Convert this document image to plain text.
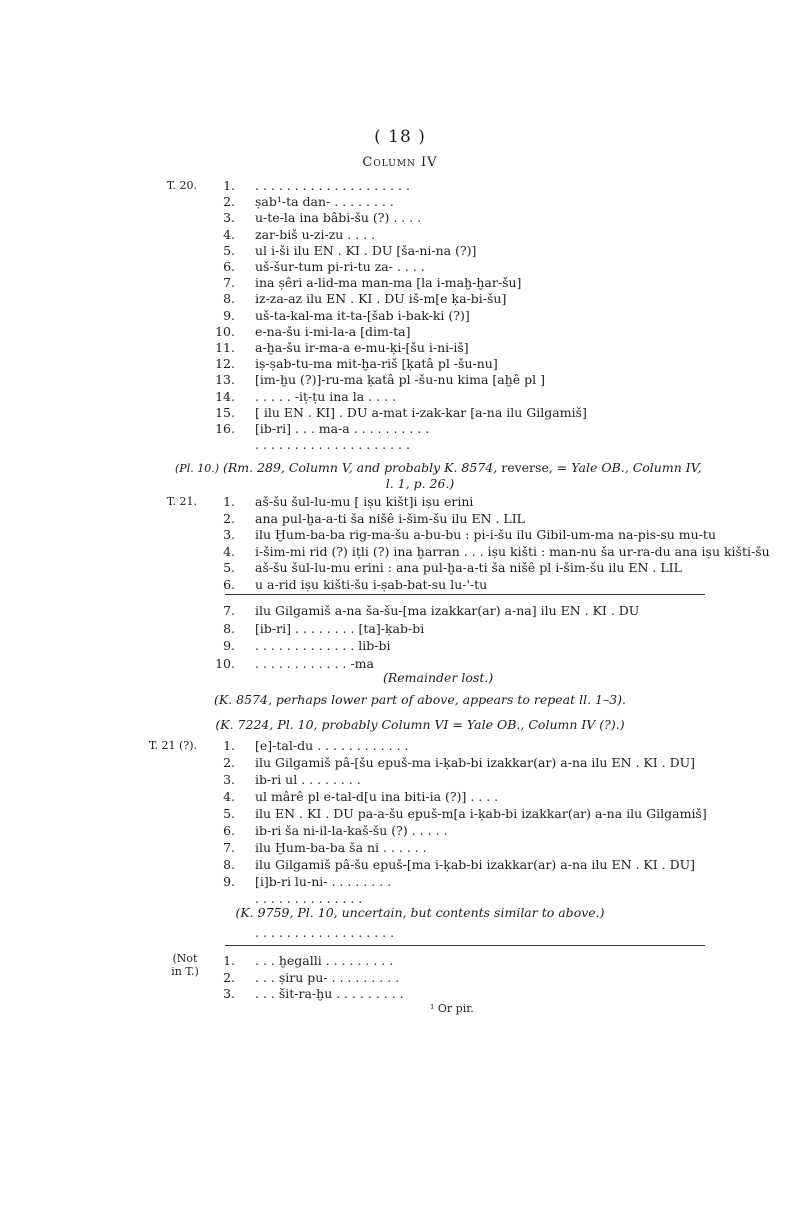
( 18 )
Column IV
T. 20.	1. . . . . . . . . . . . . . . . . . . . .
2. ṣab¹-ta dan- . . . . . . . .
3. u-te-la ina bâbi-šu (?) . . . .
4. zar-biš u-zi-zu . . . .
5. ul i-ši ilu EN . KI . DU [ša-ni-na (?)]
6. uš-šur-tum pi-ri-tu za- . . . .
7. ina ṣêri a-lid-ma man-ma [la i-maḫ-ḫar-šu]
8. iz-za-az ilu EN . KI . DU iš-m[e ḳa-bi-šu]
9. uš-ta-kal-ma it-ta-[šab i-bak-ki (?)]
10. e-na-šu i-mi-la-a [dim-ta]
11. a-ḫa-šu ir-ma-a e-mu-ḳi-[šu i-ni-iš]
12. iṣ-ṣab-tu-ma mit-ḫa-riš [ḳatâ pl -šu-nu]
13. [im-ḫu (?)]-ru-ma ḳatâ pl -šu-nu kima [aḫê pl ]
14. . . . . . -iṭ-ṭu ina la . . . .
15. [ ilu EN . KI] . DU a-mat i-zak-kar [a-na ilu Gilgamiš]
16. [ib-ri] . . . ma-a . . . . . . . . . .
. . . . . . . . . . . . . . . . . . . .
(Pl. 10.) (Rm. 289, Column V, and probably K. 8574, reverse, = Yale OB., Column IV,
l. 1, p. 26.)
T. 21.	1. aš-šu šul-lu-mu [ iṣu kišt]i iṣu erini
2. ana pul-ḫa-a-ti ša nišê i-šim-šu ilu EN . LIL
3. ilu Ḫum-ba-ba rig-ma-šu a-bu-bu : pi-i-šu ilu Gibil-um-ma na-pis-su mu-tu
4. i-šim-mi rid (?) iṭli (?) ina ḫarran . . . iṣu kišti : man-nu ša ur-ra-du ana iṣu kišti-šu
5. aš-šu šul-lu-mu erini : ana pul-ḫa-a-ti ša nišê pl i-šim-šu ilu EN . LIL
6. u a-rid iṣu kišti-šu i-ṣab-bat-su lu-'-tu
7. ilu Gilgamiš a-na ša-šu-[ma izakkar(ar) a-na] ilu EN . KI . DU
8. [ib-ri] . . . . . . . . [ta]-ḳab-bi
9. . . . . . . . . . . . . . lib-bi
10. . . . . . . . . . . . . -ma
(Remainder lost.)
(K. 8574, perhaps lower part of above, appears to repeat ll. 1–3).
(K. 7224, Pl. 10, probably Column VI = Yale OB., Column IV (?).)
T. 21 (?).	1. [e]-tal-du . . . . . . . . . . . .
2. ilu Gilgamiš pâ-[šu epuš-ma i-ḳab-bi izakkar(ar) a-na ilu EN . KI . DU]
3. ib-ri ul . . . . . . . .
4. ul mârê pl e-tal-d[u ina biti-ia (?)] . . . .
5. ilu EN . KI . DU pa-a-šu epuš-m[a i-ḳab-bi izakkar(ar) a-na ilu Gilgamiš]
6. ib-ri ša ni-il-la-kaš-šu (?) . . . . .
7. ilu Ḫum-ba-ba ša ni . . . . . .
8. ilu Gilgamiš pâ-šu epuš-[ma i-ḳab-bi izakkar(ar) a-na ilu EN . KI . DU]
9. [i]b-ri lu-ni- . . . . . . . .
. . . . . . . . . . . . . .
(K. 9759, Pl. 10, uncertain, but contents similar to above.)
. . . . . . . . . . . . . . . . . .
(Not
in T.)
1. . . . ḫegalli . . . . . . . . .
2. . . . ṣiru pu- . . . . . . . . .
3. . . . šit-ra-ḫu . . . . . . . . .
¹ Or pir.
